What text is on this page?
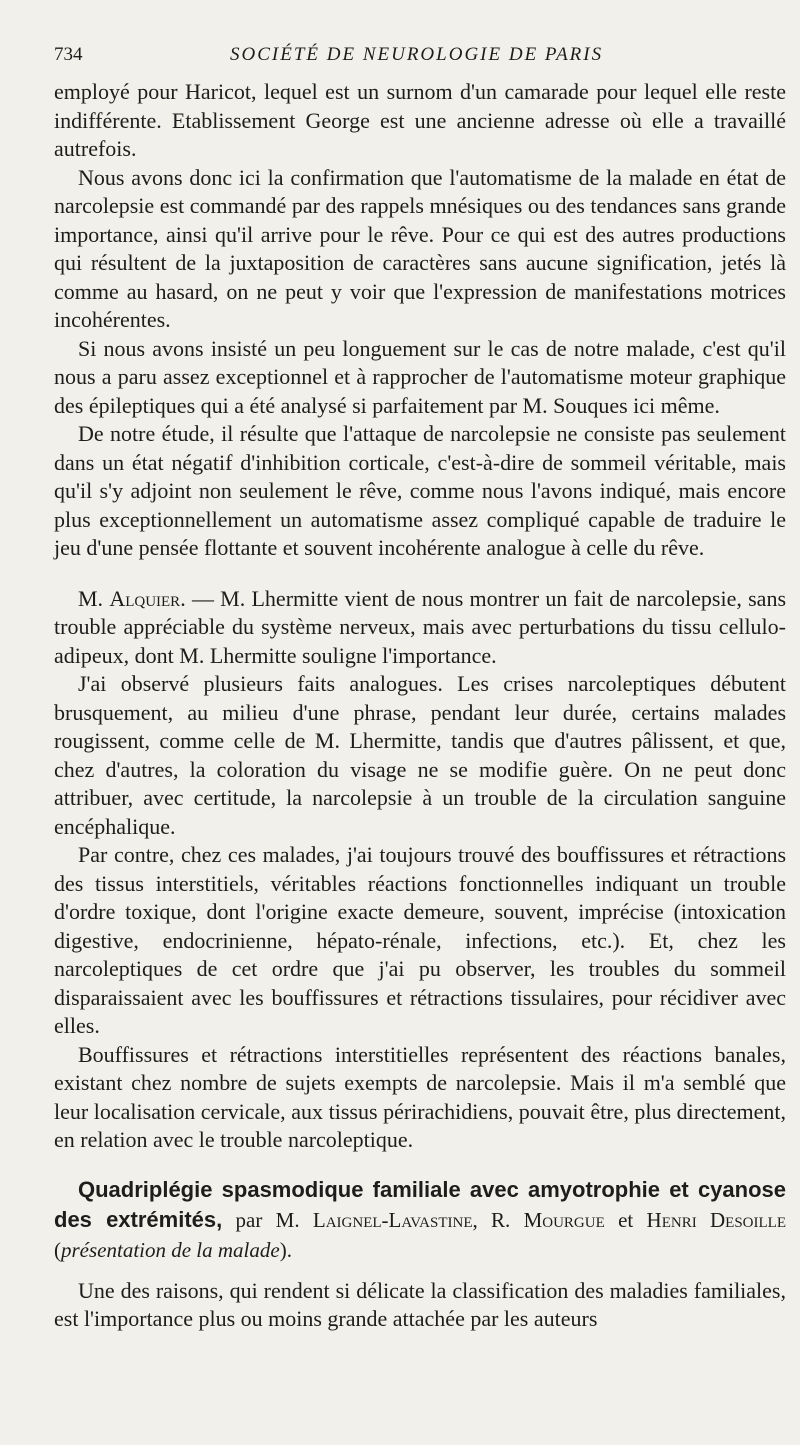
734	SOCIÉTÉ DE NEUROLOGIE DE PARIS

employé pour Haricot, lequel est un surnom d'un camarade pour lequel elle reste indifférente. Etablissement George est une ancienne adresse où elle a travaillé autrefois.

Nous avons donc ici la confirmation que l'automatisme de la malade en état de narcolepsie est commandé par des rappels mnésiques ou des tendances sans grande importance, ainsi qu'il arrive pour le rêve. Pour ce qui est des autres productions qui résultent de la juxtaposition de caractères sans aucune signification, jetés là comme au hasard, on ne peut y voir que l'expression de manifestations motrices incohérentes.

Si nous avons insisté un peu longuement sur le cas de notre malade, c'est qu'il nous a paru assez exceptionnel et à rapprocher de l'automatisme moteur graphique des épileptiques qui a été analysé si parfaitement par M. Souques ici même.

De notre étude, il résulte que l'attaque de narcolepsie ne consiste pas seulement dans un état négatif d'inhibition corticale, c'est-à-dire de sommeil véritable, mais qu'il s'y adjoint non seulement le rêve, comme nous l'avons indiqué, mais encore plus exceptionnellement un automatisme assez compliqué capable de traduire le jeu d'une pensée flottante et souvent incohérente analogue à celle du rêve.

M. Alquier. — M. Lhermitte vient de nous montrer un fait de narcolepsie, sans trouble appréciable du système nerveux, mais avec perturbations du tissu cellulo-adipeux, dont M. Lhermitte souligne l'importance.

J'ai observé plusieurs faits analogues. Les crises narcoleptiques débutent brusquement, au milieu d'une phrase, pendant leur durée, certains malades rougissent, comme celle de M. Lhermitte, tandis que d'autres pâlissent, et que, chez d'autres, la coloration du visage ne se modifie guère. On ne peut donc attribuer, avec certitude, la narcolepsie à un trouble de la circulation sanguine encéphalique.

Par contre, chez ces malades, j'ai toujours trouvé des bouffissures et rétractions des tissus interstitiels, véritables réactions fonctionnelles indiquant un trouble d'ordre toxique, dont l'origine exacte demeure, souvent, imprécise (intoxication digestive, endocrinienne, hépato-rénale, infections, etc.). Et, chez les narcoleptiques de cet ordre que j'ai pu observer, les troubles du sommeil disparaissaient avec les bouffissures et rétractions tissulaires, pour récidiver avec elles.

Bouffissures et rétractions interstitielles représentent des réactions banales, existant chez nombre de sujets exempts de narcolepsie. Mais il m'a semblé que leur localisation cervicale, aux tissus périrachidiens, pouvait être, plus directement, en relation avec le trouble narcoleptique.

Quadriplégie spasmodique familiale avec amyotrophie et cyanose des extrémités, par M. Laignel-Lavastine, R. Mourgue et Henri Desoille (présentation de la malade).

Une des raisons, qui rendent si délicate la classification des maladies familiales, est l'importance plus ou moins grande attachée par les auteurs
